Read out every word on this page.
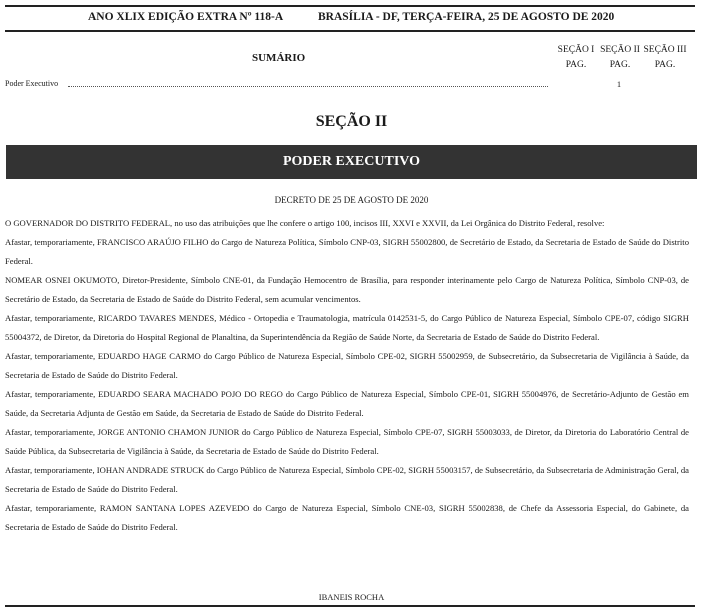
ANO XLIX EDIÇÃO EXTRA Nº 118-A	BRASÍLIA - DF, TERÇA-FEIRA, 25 DE AGOSTO DE 2020
SUMÁRIO
SEÇÃO I
PAG.
SEÇÃO II
PAG.
SEÇÃO III
PAG.
Poder Executivo	1
SEÇÃO II
PODER EXECUTIVO
DECRETO DE 25 DE AGOSTO DE 2020

O GOVERNADOR DO DISTRITO FEDERAL, no uso das atribuições que lhe confere o artigo 100, incisos III, XXVI e XXVII, da Lei Orgânica do Distrito Federal, resolve:

Afastar, temporariamente, FRANCISCO ARAÚJO FILHO do Cargo de Natureza Política, Símbolo CNP-03, SIGRH 55002800, de Secretário de Estado, da Secretaria de Estado de Saúde do Distrito Federal.

NOMEAR OSNEI OKUMOTO, Diretor-Presidente, Símbolo CNE-01, da Fundação Hemocentro de Brasília, para responder interinamente pelo Cargo de Natureza Política, Símbolo CNP-03, de Secretário de Estado, da Secretaria de Estado de Saúde do Distrito Federal, sem acumular vencimentos.

Afastar, temporariamente, RICARDO TAVARES MENDES, Médico - Ortopedia e Traumatologia, matrícula 0142531-5, do Cargo Público de Natureza Especial, Símbolo CPE-07, código SIGRH 55004372, de Diretor, da Diretoria do Hospital Regional de Planaltina, da Superintendência da Região de Saúde Norte, da Secretaria de Estado de Saúde do Distrito Federal.

Afastar, temporariamente, EDUARDO HAGE CARMO do Cargo Público de Natureza Especial, Símbolo CPE-02, SIGRH 55002959, de Subsecretário, da Subsecretaria de Vigilância à Saúde, da Secretaria de Estado de Saúde do Distrito Federal.

Afastar, temporariamente, EDUARDO SEARA MACHADO POJO DO REGO do Cargo Público de Natureza Especial, Símbolo CPE-01, SIGRH 55004976, de Secretário-Adjunto de Gestão em Saúde, da Secretaria Adjunta de Gestão em Saúde, da Secretaria de Estado de Saúde do Distrito Federal.

Afastar, temporariamente, JORGE ANTONIO CHAMON JUNIOR do Cargo Público de Natureza Especial, Símbolo CPE-07, SIGRH 55003033, de Diretor, da Diretoria do Laboratório Central de Saúde Pública, da Subsecretaria de Vigilância à Saúde, da Secretaria de Estado de Saúde do Distrito Federal.

Afastar, temporariamente, IOHAN ANDRADE STRUCK do Cargo Público de Natureza Especial, Símbolo CPE-02, SIGRH 55003157, de Subsecretário, da Subsecretaria de Administração Geral, da Secretaria de Estado de Saúde do Distrito Federal.

Afastar, temporariamente, RAMON SANTANA LOPES AZEVEDO do Cargo de Natureza Especial, Símbolo CNE-03, SIGRH 55002838, de Chefe da Assessoria Especial, do Gabinete, da Secretaria de Estado de Saúde do Distrito Federal.

IBANEIS ROCHA
